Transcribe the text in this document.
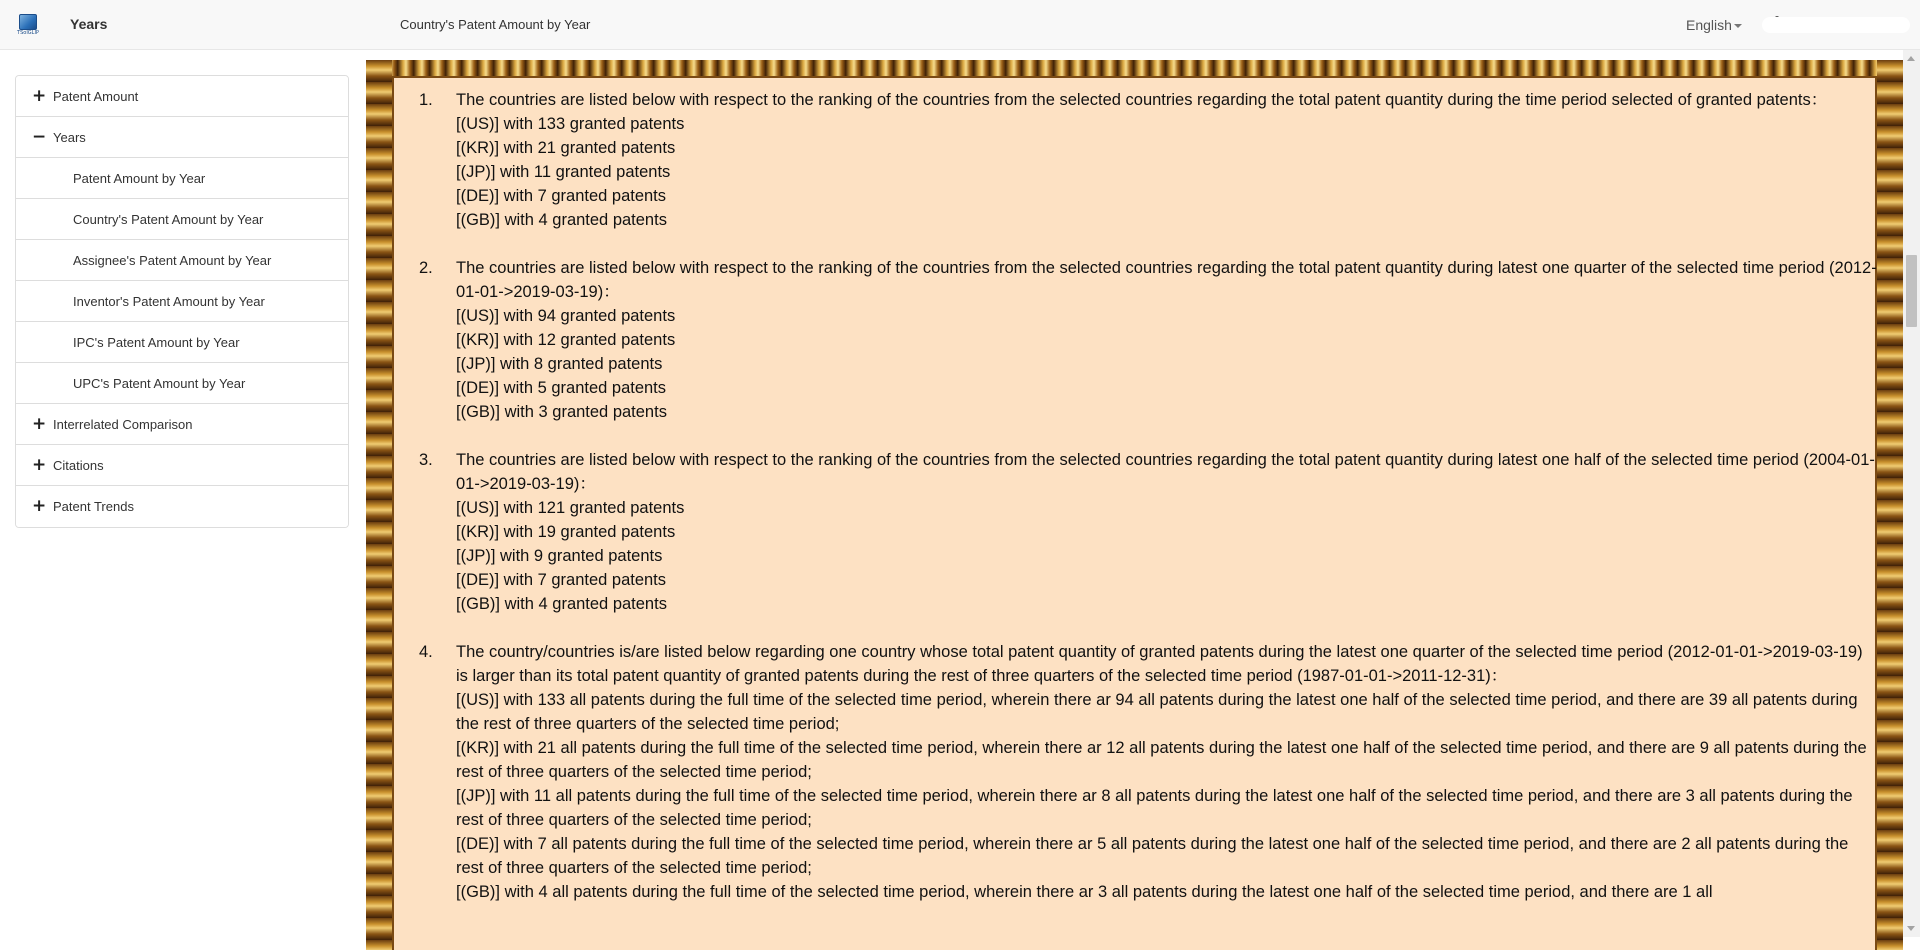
TSoIGLIP
Years	Country's Patent Amount by Year	English
+ Patent Amount
− Years
Patent Amount by Year
Country's Patent Amount by Year
Assignee's Patent Amount by Year
Inventor's Patent Amount by Year
IPC's Patent Amount by Year
UPC's Patent Amount by Year
+ Interrelated Comparison
+ Citations
+ Patent Trends
1.	The countries are listed below with respect to the ranking of the countries from the selected countries regarding the total patent quantity during the time period selected of granted patents：
[(US)] with 133 granted patents
[(KR)] with 21 granted patents
[(JP)] with 11 granted patents
[(DE)] with 7 granted patents
[(GB)] with 4 granted patents
2.	The countries are listed below with respect to the ranking of the countries from the selected countries regarding the total patent quantity during latest one quarter of the selected time period (2012-01-01->2019-03-19)：
[(US)] with 94 granted patents
[(KR)] with 12 granted patents
[(JP)] with 8 granted patents
[(DE)] with 5 granted patents
[(GB)] with 3 granted patents
3.	The countries are listed below with respect to the ranking of the countries from the selected countries regarding the total patent quantity during latest one half of the selected time period (2004-01-01->2019-03-19)：
[(US)] with 121 granted patents
[(KR)] with 19 granted patents
[(JP)] with 9 granted patents
[(DE)] with 7 granted patents
[(GB)] with 4 granted patents
4.	The country/countries is/are listed below regarding one country whose total patent quantity of granted patents during the latest one quarter of the selected time period (2012-01-01->2019-03-19) is larger than its total patent quantity of granted patents during the rest of three quarters of the selected time period (1987-01-01->2011-12-31)：
[(US)] with 133 all patents during the full time of the selected time period, wherein there ar 94 all patents during the latest one half of the selected time period, and there are 39 all patents during the rest of three quarters of the selected time period;
[(KR)] with 21 all patents during the full time of the selected time period, wherein there ar 12 all patents during the latest one half of the selected time period, and there are 9 all patents during the rest of three quarters of the selected time period;
[(JP)] with 11 all patents during the full time of the selected time period, wherein there ar 8 all patents during the latest one half of the selected time period, and there are 3 all patents during the rest of three quarters of the selected time period;
[(DE)] with 7 all patents during the full time of the selected time period, wherein there ar 5 all patents during the latest one half of the selected time period, and there are 2 all patents during the rest of three quarters of the selected time period;
[(GB)] with 4 all patents during the full time of the selected time period, wherein there ar 3 all patents during the latest one half of the selected time period, and there are 1 all
